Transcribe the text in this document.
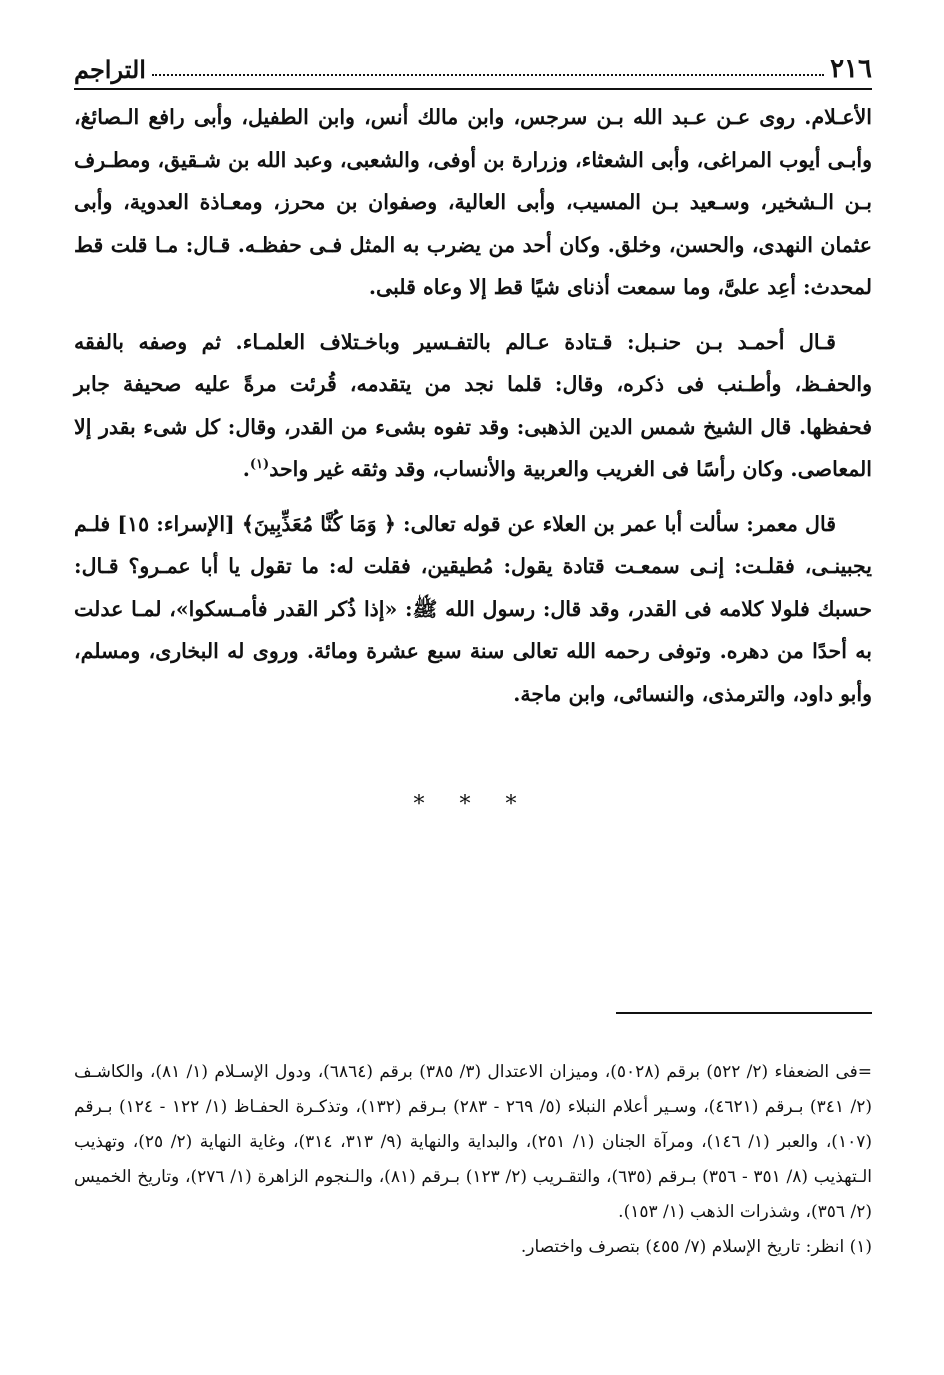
٢١٦
التراجم

الأعـلام. روى عـن عـبد الله بـن سرجس، وابن مالك أنس، وابن الطفيل، وأبى رافع الـصائغ، وأبـى أيوب المراغى، وأبى الشعثاء، وزرارة بن أوفى، والشعبى، وعبد الله بن شـقيق، ومطـرف بـن الـشخير، وسـعيد بـن المسيب، وأبى العالية، وصفوان بن محرز، ومعـاذة العدوية، وأبى عثمان النهدى، والحسن، وخلق. وكان أحد من يضرب به المثل فـى حفظـه. قـال: مـا قلت قط لمحدث: أعِد علىَّ، وما سمعت أذناى شيًا قط إلا وعاه قلبى.

قـال أحمـد بـن حنـبل: قـتادة عـالم بالتفـسير وباخـتلاف العلمـاء. ثم وصفه بالفقه والحفـظ، وأطـنب فى ذكره، وقال: قلما نجد من يتقدمه، قُرئت مرةً عليه صحيفة جابر فحفظها. قال الشيخ شمس الدين الذهبى: وقد تفوه بشىء من القدر، وقال: كل شىء بقدر إلا المعاصى. وكان رأسًا فى الغريب والعربية والأنساب، وقد وثقه غير واحد$^{(١)}$.

قال معمر: سألت أبا عمر بن العلاء عن قوله تعالى: ﴿ وَمَا كُنَّا مُعَذِّبِينَ﴾ [الإسراء: ١٥] فلـم يجبينـى، فقلـت: إنـى سمعـت قتادة يقول: مُطيقين، فقلت له: ما تقول يا أبا عمـرو؟ قـال: حسبك فلولا كلامه فى القدر، وقد قال: رسول الله ﷺ: «إذا ذُكر القدر فأمـسكوا»، لمـا عدلت به أحدًا من دهره. وتوفى رحمه الله تعالى سنة سبع عشرة ومائة. وروى له البخارى، ومسلم، وأبو داود، والترمذى، والنسائى، وابن ماجة.

* * *

=فى الضعفاء (٢/ ٥٢٢) برقم (٥٠٢٨)، وميزان الاعتدال (٣/ ٣٨٥) برقم (٦٨٦٤)، ودول الإسـلام (١/ ٨١)، والكاشـف (٢/ ٣٤١) بـرقم (٤٦٢١)، وسـير أعلام النبلاء (٥/ ٢٦٩ - ٢٨٣) بـرقم (١٣٢)، وتذكـرة الحفـاظ (١/ ١٢٢ - ١٢٤) بـرقم (١٠٧)، والعبر (١/ ١٤٦)، ومرآة الجنان (١/ ٢٥١)، والبداية والنهاية (٩/ ٣١٣، ٣١٤)، وغاية النهاية (٢/ ٢٥)، وتهذيب الـتهذيب (٨/ ٣٥١ - ٣٥٦) بـرقم (٦٣٥)، والتقـريب (٢/ ١٢٣) بـرقم (٨١)، والـنجوم الزاهرة (١/ ٢٧٦)، وتاريخ الخميس (٢/ ٣٥٦)، وشذرات الذهب (١/ ١٥٣).

(١) انظر: تاريخ الإسلام (٧/ ٤٥٥) بتصرف واختصار.
